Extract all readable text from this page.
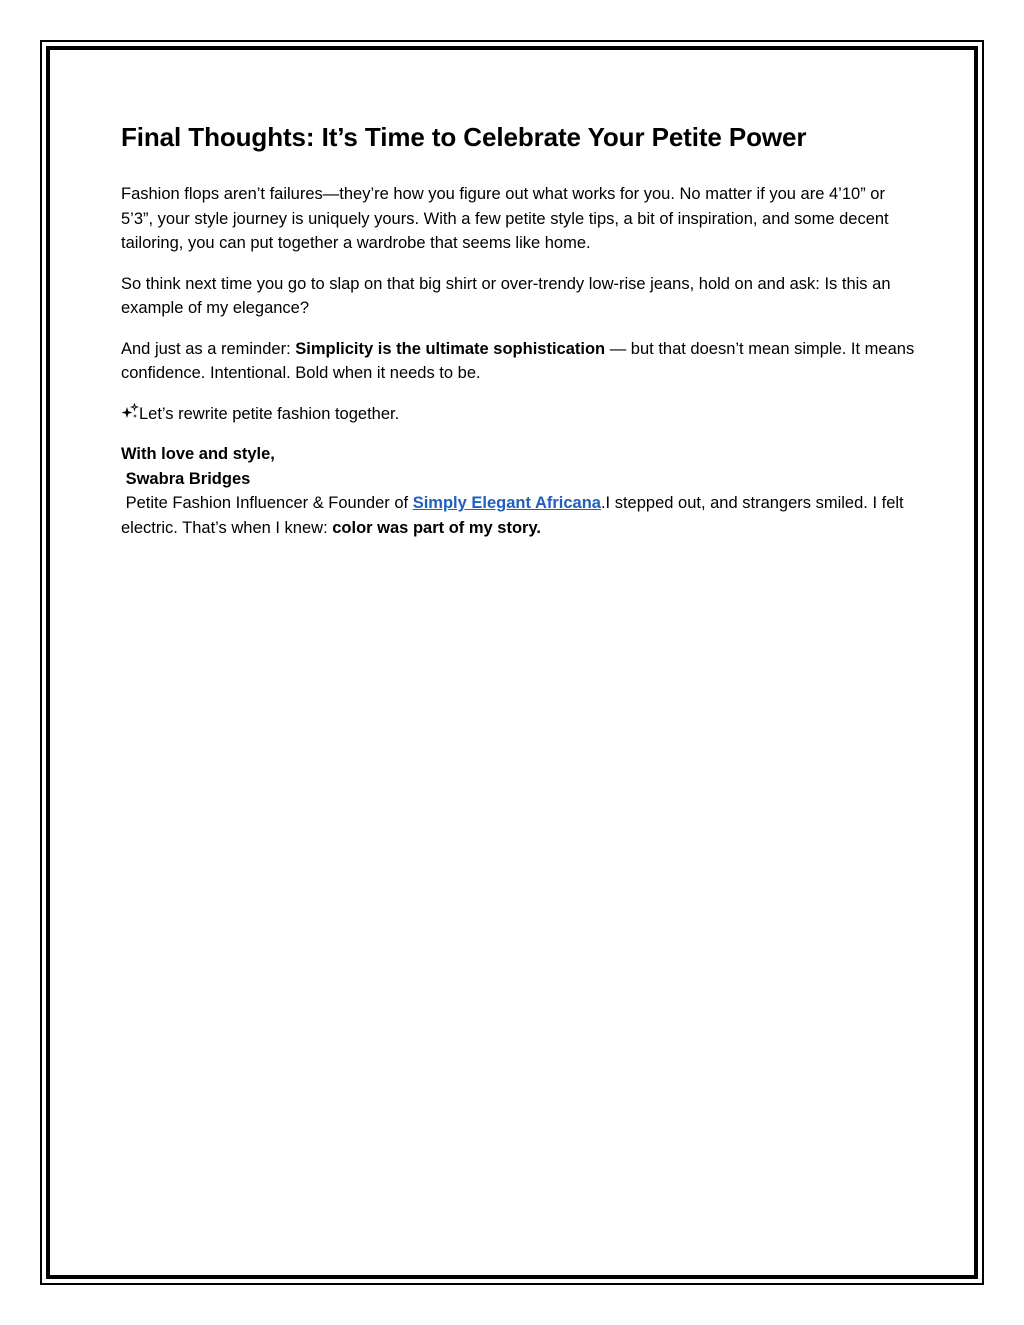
Final Thoughts: It’s Time to Celebrate Your Petite Power

Fashion flops aren’t failures—they’re how you figure out what works for you. No matter if you are 4’10” or 5’3”, your style journey is uniquely yours. With a few petite style tips, a bit of inspiration, and some decent tailoring, you can put together a wardrobe that seems like home.

So think next time you go to slap on that big shirt or over-trendy low-rise jeans, hold on and ask: Is this an example of my elegance?

And just as a reminder: Simplicity is the ultimate sophistication — but that doesn’t mean simple. It means confidence. Intentional. Bold when it needs to be.

Let’s rewrite petite fashion together.

With love and style,
Swabra Bridges
Petite Fashion Influencer & Founder of Simply Elegant Africana.I stepped out, and strangers smiled. I felt electric. That’s when I knew: color was part of my story.
